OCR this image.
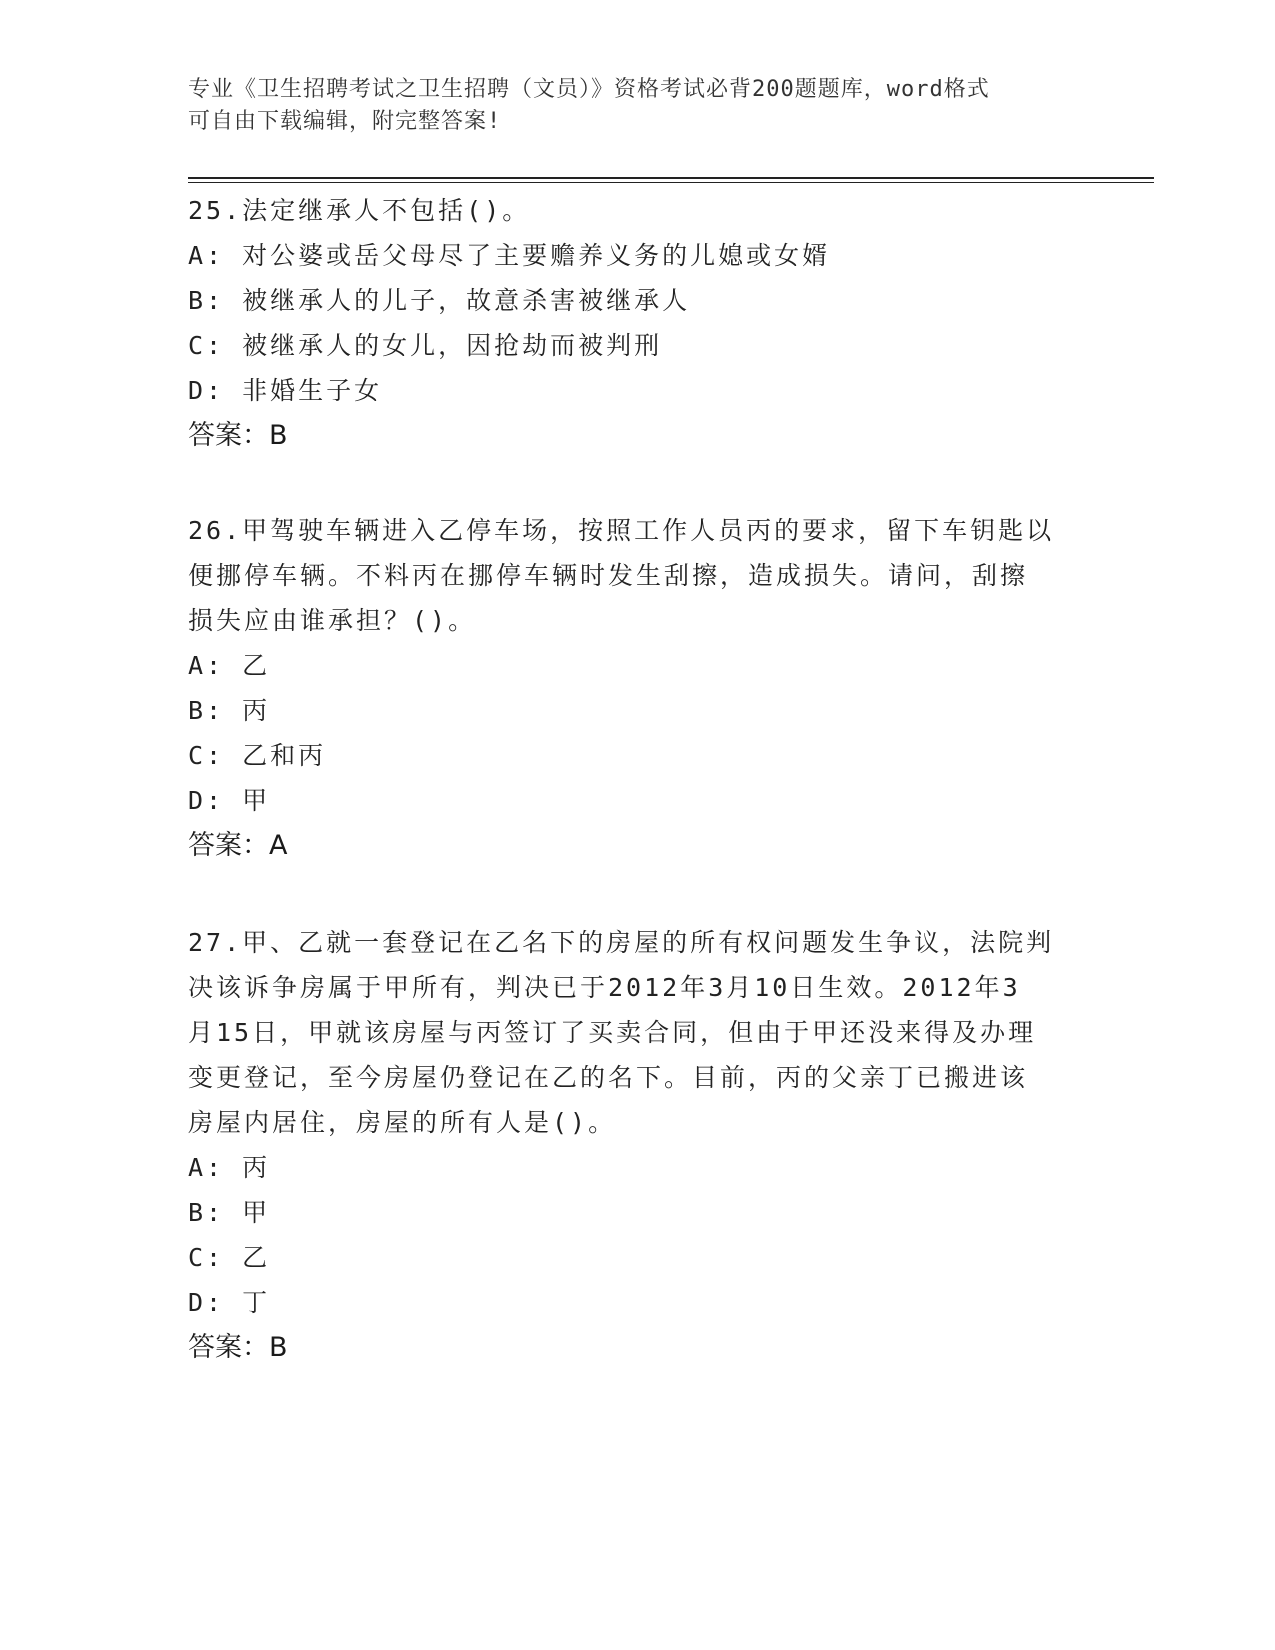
专业《卫生招聘考试之卫生招聘（文员）》资格考试必背200题题库，word格式
可自由下载编辑，附完整答案!

25.法定继承人不包括()。

A: 对公婆或岳父母尽了主要赡养义务的儿媳或女婿

B: 被继承人的儿子，故意杀害被继承人

C: 被继承人的女儿，因抢劫而被判刑

D: 非婚生子女

答案：B

26.甲驾驶车辆进入乙停车场，按照工作人员丙的要求，留下车钥匙以

便挪停车辆。不料丙在挪停车辆时发生刮擦，造成损失。请问，刮擦

损失应由谁承担？()。

A: 乙

B: 丙

C: 乙和丙

D: 甲

答案：A

27.甲、乙就一套登记在乙名下的房屋的所有权问题发生争议，法院判

决该诉争房属于甲所有，判决已于2012年3月10日生效。2012年3

月15日，甲就该房屋与丙签订了买卖合同，但由于甲还没来得及办理

变更登记，至今房屋仍登记在乙的名下。目前，丙的父亲丁已搬进该

房屋内居住，房屋的所有人是()。

A: 丙

B: 甲

C: 乙

D: 丁

答案：B
